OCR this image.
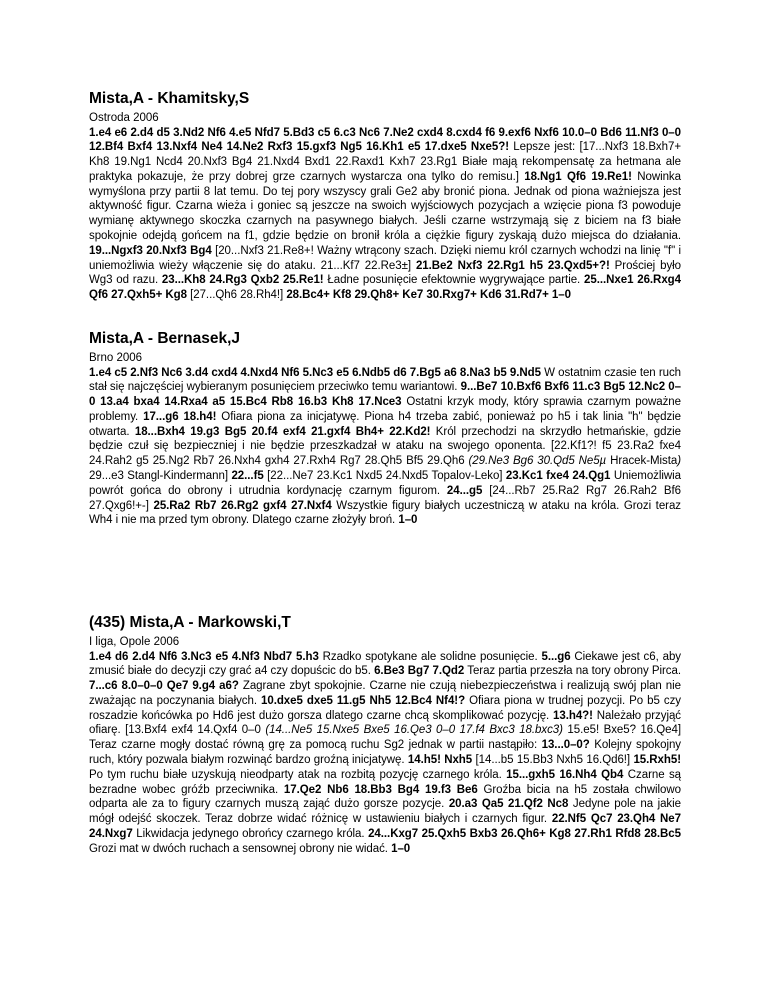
Mista,A - Khamitsky,S
Ostroda 2006
1.e4 e6 2.d4 d5 3.Nd2 Nf6 4.e5 Nfd7 5.Bd3 c5 6.c3 Nc6 7.Ne2 cxd4 8.cxd4 f6 9.exf6 Nxf6 10.0–0 Bd6 11.Nf3 0–0 12.Bf4 Bxf4 13.Nxf4 Ne4 14.Ne2 Rxf3 15.gxf3 Ng5 16.Kh1 e5 17.dxe5 Nxe5?! Lepsze jest: [17...Nxf3 18.Bxh7+ Kh8 19.Ng1 Ncd4 20.Nxf3 Bg4 21.Nxd4 Bxd1 22.Raxd1 Kxh7 23.Rg1 Białe mają rekompensatę za hetmana ale praktyka pokazuje, że przy dobrej grze czarnych wystarcza ona tylko do remisu.] 18.Ng1 Qf6 19.Re1! Nowinka wymyślona przy partii 8 lat temu. Do tej pory wszyscy grali Ge2 aby bronić piona. Jednak od piona ważniejsza jest aktywność figur. Czarna wieża i goniec są jeszcze na swoich wyjściowych pozycjach a wzięcie piona f3 powoduje wymianę aktywnego skoczka czarnych na pasywnego białych. Jeśli czarne wstrzymają się z biciem na f3 białe spokojnie odejdą gońcem na f1, gdzie będzie on bronił króla a ciężkie figury zyskają dużo miejsca do działania. 19...Ngxf3 20.Nxf3 Bg4 [20...Nxf3 21.Re8+! Ważny wtrącony szach. Dzięki niemu król czarnych wchodzi na linię "f" i uniemożliwia wieży włączenie się do ataku. 21...Kf7 22.Re3±] 21.Be2 Nxf3 22.Rg1 h5 23.Qxd5+?! Prościej było Wg3 od razu. 23...Kh8 24.Rg3 Qxb2 25.Re1! Ładne posunięcie efektownie wygrywające partie. 25...Nxe1 26.Rxg4 Qf6 27.Qxh5+ Kg8 [27...Qh6 28.Rh4!] 28.Bc4+ Kf8 29.Qh8+ Ke7 30.Rxg7+ Kd6 31.Rd7+ 1–0
Mista,A - Bernasek,J
Brno 2006
1.e4 c5 2.Nf3 Nc6 3.d4 cxd4 4.Nxd4 Nf6 5.Nc3 e5 6.Ndb5 d6 7.Bg5 a6 8.Na3 b5 9.Nd5 W ostatnim czasie ten ruch stał się najczęściej wybieranym posunięciem przeciwko temu wariantowi. 9...Be7 10.Bxf6 Bxf6 11.c3 Bg5 12.Nc2 0–0 13.a4 bxa4 14.Rxa4 a5 15.Bc4 Rb8 16.b3 Kh8 17.Nce3 Ostatni krzyk mody, który sprawia czarnym poważne problemy. 17...g6 18.h4! Ofiara piona za inicjatywę. Piona h4 trzeba zabić, ponieważ po h5 i tak linia "h" będzie otwarta. 18...Bxh4 19.g3 Bg5 20.f4 exf4 21.gxf4 Bh4+ 22.Kd2! Król przechodzi na skrzydło hetmańskie, gdzie będzie czuł się bezpieczniej i nie będzie przeszkadzał w ataku na swojego oponenta. [22.Kf1?! f5 23.Ra2 fxe4 24.Rah2 g5 25.Ng2 Rb7 26.Nxh4 gxh4 27.Rxh4 Rg7 28.Qh5 Bf5 29.Qh6 (29.Ne3 Bg6 30.Qd5 Ne5µ Hracek-Mista) 29...e3 Stangl-Kindermann] 22...f5 [22...Ne7 23.Kc1 Nxd5 24.Nxd5 Topalov-Leko] 23.Kc1 fxe4 24.Qg1 Uniemożliwia powrót gońca do obrony i utrudnia kordynację czarnym figurom. 24...g5 [24...Rb7 25.Ra2 Rg7 26.Rah2 Bf6 27.Qxg6!+-] 25.Ra2 Rb7 26.Rg2 gxf4 27.Nxf4 Wszystkie figury białych uczestniczą w ataku na króla. Grozi teraz Wh4 i nie ma przed tym obrony. Dlatego czarne złożyły broń. 1–0
(435) Mista,A - Markowski,T
I liga, Opole 2006
1.e4 d6 2.d4 Nf6 3.Nc3 e5 4.Nf3 Nbd7 5.h3 Rzadko spotykane ale solidne posunięcie. 5...g6 Ciekawe jest c6, aby zmusić białe do decyzji czy grać a4 czy dopuścic do b5. 6.Be3 Bg7 7.Qd2 Teraz partia przeszła na tory obrony Pirca. 7...c6 8.0–0–0 Qe7 9.g4 a6? Zagrane zbyt spokojnie. Czarne nie czują niebezpieczeństwa i realizują swój plan nie zważając na poczynania białych. 10.dxe5 dxe5 11.g5 Nh5 12.Bc4 Nf4!? Ofiara piona w trudnej pozycji. Po b5 czy roszadzie końcówka po Hd6 jest dużo gorsza dlatego czarne chcą skomplikować pozycję. 13.h4?! Należało przyjąć ofiarę. [13.Bxf4 exf4 14.Qxf4 0–0 (14...Ne5 15.Nxe5 Bxe5 16.Qe3 0–0 17.f4 Bxc3 18.bxc3) 15.e5! Bxe5? 16.Qe4] Teraz czarne mogły dostać równą grę za pomocą ruchu Sg2 jednak w partii nastąpiło: 13...0–0? Kolejny spokojny ruch, który pozwala białym rozwinąć bardzo groźną inicjatywę. 14.h5! Nxh5 [14...b5 15.Bb3 Nxh5 16.Qd6!] 15.Rxh5! Po tym ruchu białe uzyskują nieodparty atak na rozbitą pozycję czarnego króla. 15...gxh5 16.Nh4 Qb4 Czarne są bezradne wobec gróźb przeciwnika. 17.Qe2 Nb6 18.Bb3 Bg4 19.f3 Be6 Groźba bicia na h5 została chwilowo odparta ale za to figury czarnych muszą zająć dużo gorsze pozycje. 20.a3 Qa5 21.Qf2 Nc8 Jedyne pole na jakie mógł odejść skoczek. Teraz dobrze widać różnicę w ustawieniu białych i czarnych figur. 22.Nf5 Qc7 23.Qh4 Ne7 24.Nxg7 Likwidacja jedynego obrońcy czarnego króla. 24...Kxg7 25.Qxh5 Bxb3 26.Qh6+ Kg8 27.Rh1 Rfd8 28.Bc5 Grozi mat w dwóch ruchach a sensownej obrony nie widać. 1–0
